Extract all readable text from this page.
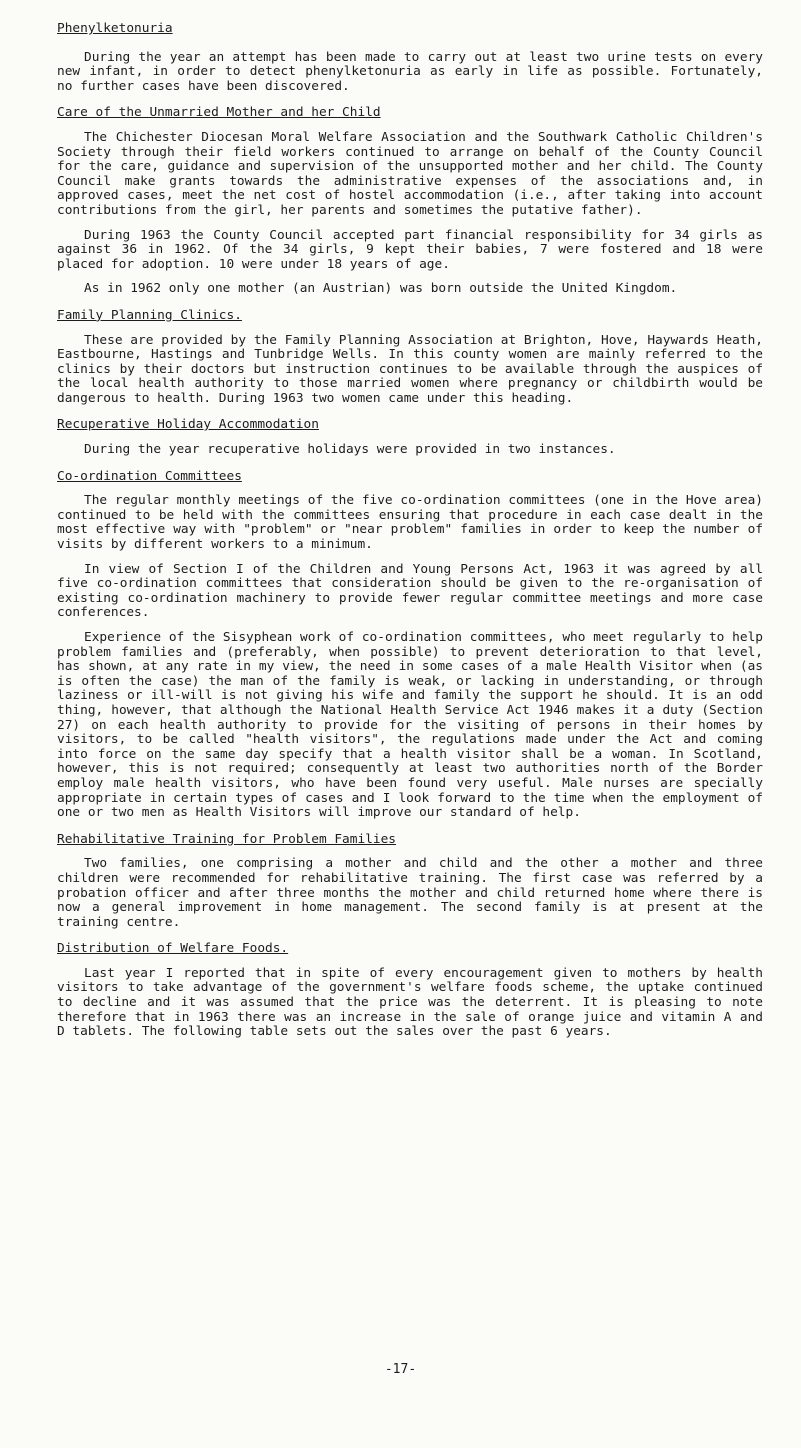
Phenylketonuria

During the year an attempt has been made to carry out at least two urine tests on every new infant, in order to detect phenylketonuria as early in life as possible. Fortunately, no further cases have been discovered.

Care of the Unmarried Mother and her Child

The Chichester Diocesan Moral Welfare Association and the Southwark Catholic Children's Society through their field workers continued to arrange on behalf of the County Council for the care, guidance and supervision of the unsupported mother and her child. The County Council make grants towards the administrative expenses of the associations and, in approved cases, meet the net cost of hostel accommodation (i.e., after taking into account contributions from the girl, her parents and sometimes the putative father).

During 1963 the County Council accepted part financial responsibility for 34 girls as against 36 in 1962. Of the 34 girls, 9 kept their babies, 7 were fostered and 18 were placed for adoption. 10 were under 18 years of age.

As in 1962 only one mother (an Austrian) was born outside the United Kingdom.

Family Planning Clinics.

These are provided by the Family Planning Association at Brighton, Hove, Haywards Heath, Eastbourne, Hastings and Tunbridge Wells. In this county women are mainly referred to the clinics by their doctors but instruction continues to be available through the auspices of the local health authority to those married women where pregnancy or childbirth would be dangerous to health. During 1963 two women came under this heading.

Recuperative Holiday Accommodation

During the year recuperative holidays were provided in two instances.

Co-ordination Committees

The regular monthly meetings of the five co-ordination committees (one in the Hove area) continued to be held with the committees ensuring that procedure in each case dealt in the most effective way with "problem" or "near problem" families in order to keep the number of visits by different workers to a minimum.

In view of Section I of the Children and Young Persons Act, 1963 it was agreed by all five co-ordination committees that consideration should be given to the re-organisation of existing co-ordination machinery to provide fewer regular committee meetings and more case conferences.

Experience of the Sisyphean work of co-ordination committees, who meet regularly to help problem families and (preferably, when possible) to prevent deterioration to that level, has shown, at any rate in my view, the need in some cases of a male Health Visitor when (as is often the case) the man of the family is weak, or lacking in understanding, or through laziness or ill-will is not giving his wife and family the support he should. It is an odd thing, however, that although the National Health Service Act 1946 makes it a duty (Section 27) on each health authority to provide for the visiting of persons in their homes by visitors, to be called "health visitors", the regulations made under the Act and coming into force on the same day specify that a health visitor shall be a woman. In Scotland, however, this is not required; consequently at least two authorities north of the Border employ male health visitors, who have been found very useful. Male nurses are specially appropriate in certain types of cases and I look forward to the time when the employment of one or two men as Health Visitors will improve our standard of help.

Rehabilitative Training for Problem Families

Two families, one comprising a mother and child and the other a mother and three children were recommended for rehabilitative training. The first case was referred by a probation officer and after three months the mother and child returned home where there is now a general improvement in home management. The second family is at present at the training centre.

Distribution of Welfare Foods.

Last year I reported that in spite of every encouragement given to mothers by health visitors to take advantage of the government's welfare foods scheme, the uptake continued to decline and it was assumed that the price was the deterrent. It is pleasing to note therefore that in 1963 there was an increase in the sale of orange juice and vitamin A and D tablets. The following table sets out the sales over the past 6 years.

-17-
